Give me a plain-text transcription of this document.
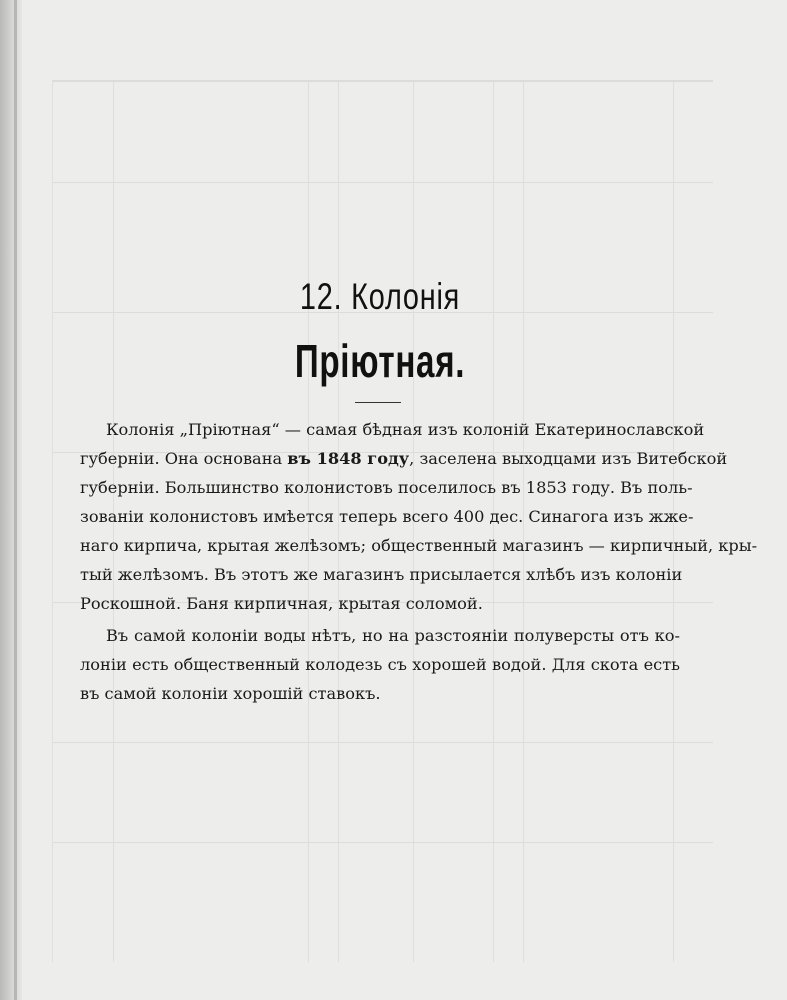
12. Колонія
Пріютная.
Колонія „Пріютная“ — самая бѣдная изъ колоній Екатеринославской
губерніи. Она основана въ 1848 году, заселена выходцами изъ Витебской
губерніи. Большинство колонистовъ поселилось въ 1853 году. Въ поль-
зованіи колонистовъ имѣется теперь всего 400 дес. Синагога изъ жже-
наго кирпича, крытая желѣзомъ; общественный магазинъ — кирпичный, кры-
тый желѣзомъ. Въ этотъ же магазинъ присылается хлѣбъ изъ колоніи
Роскошной. Баня кирпичная, крытая соломой.
Въ самой колоніи воды нѣтъ, но на разстояніи полуверсты отъ ко-
лоніи есть общественный колодезь съ хорошей водой. Для скота есть
въ самой колоніи хорошій ставокъ.
